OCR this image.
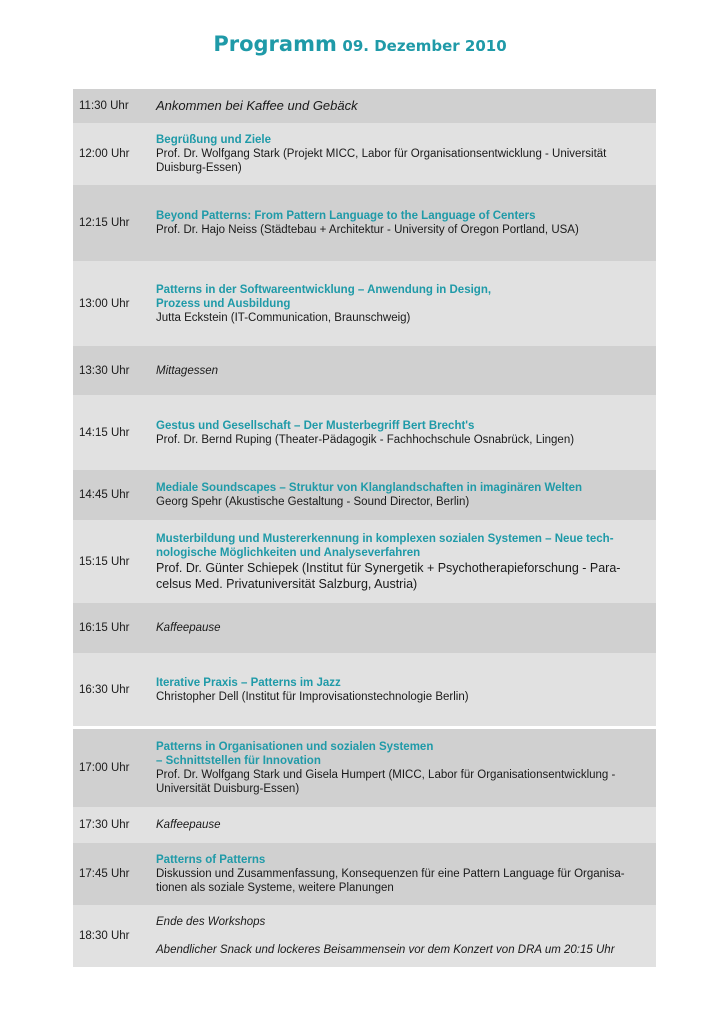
Programm 09. Dezember 2010
11:30 Uhr Ankommen bei Kaffee und Gebäck
12:00 Uhr
Begrüßung und Ziele
Prof. Dr. Wolfgang Stark (Projekt MICC, Labor für Organisationsentwicklung - Universität Duisburg-Essen)
12:15 Uhr
Beyond Patterns: From Pattern Language to the Language of Centers
Prof. Dr. Hajo Neiss (Städtebau + Architektur - University of Oregon Portland, USA)
13:00 Uhr
Patterns in der Softwareentwicklung – Anwendung in Design,
Prozess und Ausbildung
Jutta Eckstein (IT-Communication, Braunschweig)
13:30 Uhr Mittagessen
14:15 Uhr
Gestus und Gesellschaft – Der Musterbegriff Bert Brecht's
Prof. Dr. Bernd Ruping (Theater-Pädagogik - Fachhochschule Osnabrück, Lingen)
14:45 Uhr
Mediale Soundscapes – Struktur von Klanglandschaften in imaginären Welten
Georg Spehr (Akustische Gestaltung - Sound Director, Berlin)
15:15 Uhr
Musterbildung und Mustererkennung in komplexen sozialen Systemen – Neue tech-
nologische Möglichkeiten und Analyseverfahren
Prof. Dr. Günter Schiepek (Institut für Synergetik + Psychotherapieforschung - Para-
celsus Med. Privatuniversität Salzburg, Austria)
16:15 Uhr Kaffeepause
16:30 Uhr
Iterative Praxis – Patterns im Jazz
Christopher Dell (Institut für Improvisationstechnologie Berlin)
17:00 Uhr
Patterns in Organisationen und sozialen Systemen
– Schnittstellen für Innovation
Prof. Dr. Wolfgang Stark und Gisela Humpert (MICC, Labor für Organisationsentwicklung -
Universität Duisburg-Essen)
17:30 Uhr Kaffeepause
17:45 Uhr
Patterns of Patterns
Diskussion und Zusammenfassung, Konsequenzen für eine Pattern Language für Organisa-
tionen als soziale Systeme, weitere Planungen
18:30 Uhr
Ende des Workshops
Abendlicher Snack und lockeres Beisammensein vor dem Konzert von DRA um 20:15 Uhr
